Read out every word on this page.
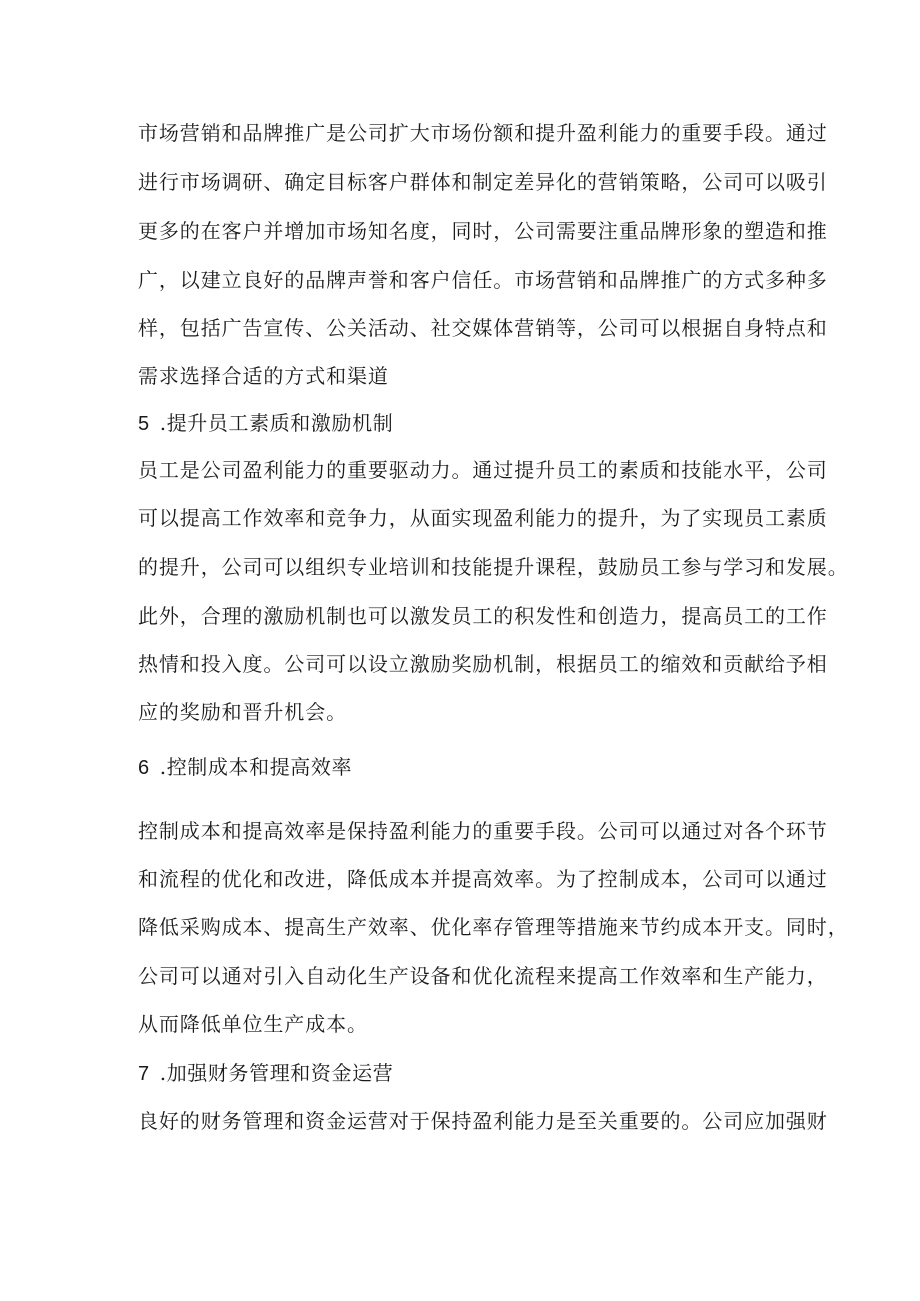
市场营销和品牌推广是公司扩大市场份额和提升盈利能力的重要手段。通过
进行市场调研、确定目标客户群体和制定差异化的营销策略，公司可以吸引
更多的在客户并增加市场知名度，同时，公司需要注重品牌形象的塑造和推
广，以建立良好的品牌声誉和客户信任。市场营销和品牌推广的方式多种多
样，包括广告宣传、公关活动、社交媒体营销等，公司可以根据自身特点和
需求选择合适的方式和渠道
5 .提升员工素质和激励机制
员工是公司盈利能力的重要驱动力。通过提升员工的素质和技能水平，公司
可以提高工作效率和竞争力，从面实现盈利能力的提升，为了实现员工素质
的提升，公司可以组织专业培训和技能提升课程，鼓励员工参与学习和发展。
此外，合理的激励机制也可以激发员工的积发性和创造力，提高员工的工作
热情和投入度。公司可以设立激励奖励机制，根据员工的缩效和贡献给予相
应的奖励和晋升机会。
6 .控制成本和提高效率
控制成本和提高效率是保持盈利能力的重要手段。公司可以通过对各个环节
和流程的优化和改进，降低成本并提高效率。为了控制成本，公司可以通过
降低采购成本、提高生产效率、优化率存管理等措施来节约成本开支。同时，
公司可以通对引入自动化生产设备和优化流程来提高工作效率和生产能力，
从而降低单位生产成本。
7 .加强财务管理和资金运营
良好的财务管理和资金运营对于保持盈利能力是至关重要的。公司应加强财
